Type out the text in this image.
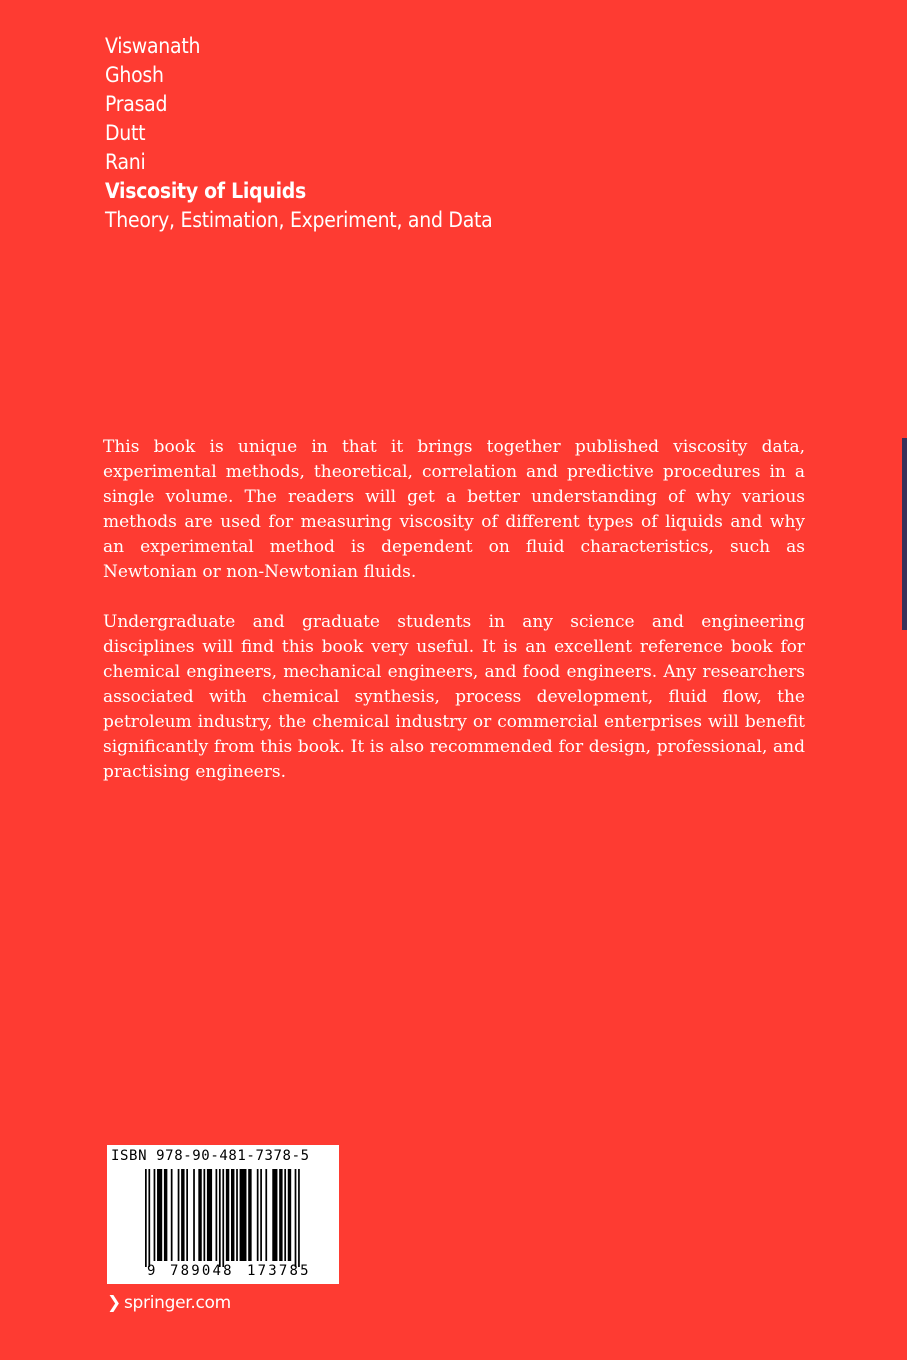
Viswanath
Ghosh
Prasad
Dutt
Rani
Viscosity of Liquids
Theory, Estimation, Experiment, and Data

This book is unique in that it brings together published viscosity data, experimental methods, theoretical, correlation and predictive procedures in a single volume. The readers will get a better understanding of why various methods are used for measuring viscosity of different types of liquids and why an experimental method is dependent on fluid characteristics, such as Newtonian or non-Newtonian fluids.

Undergraduate and graduate students in any science and engineering disciplines will find this book very useful. It is an excellent reference book for chemical engineers, mechanical engineers, and food engineers. Any researchers associated with chemical synthesis, process development, fluid flow, the petroleum industry, the chemical industry or commercial enterprises will benefit significantly from this book. It is also recommended for design, professional, and practising engineers.

ISBN 978-90-481-7378-5
9 789048 173785
❯ springer.com
